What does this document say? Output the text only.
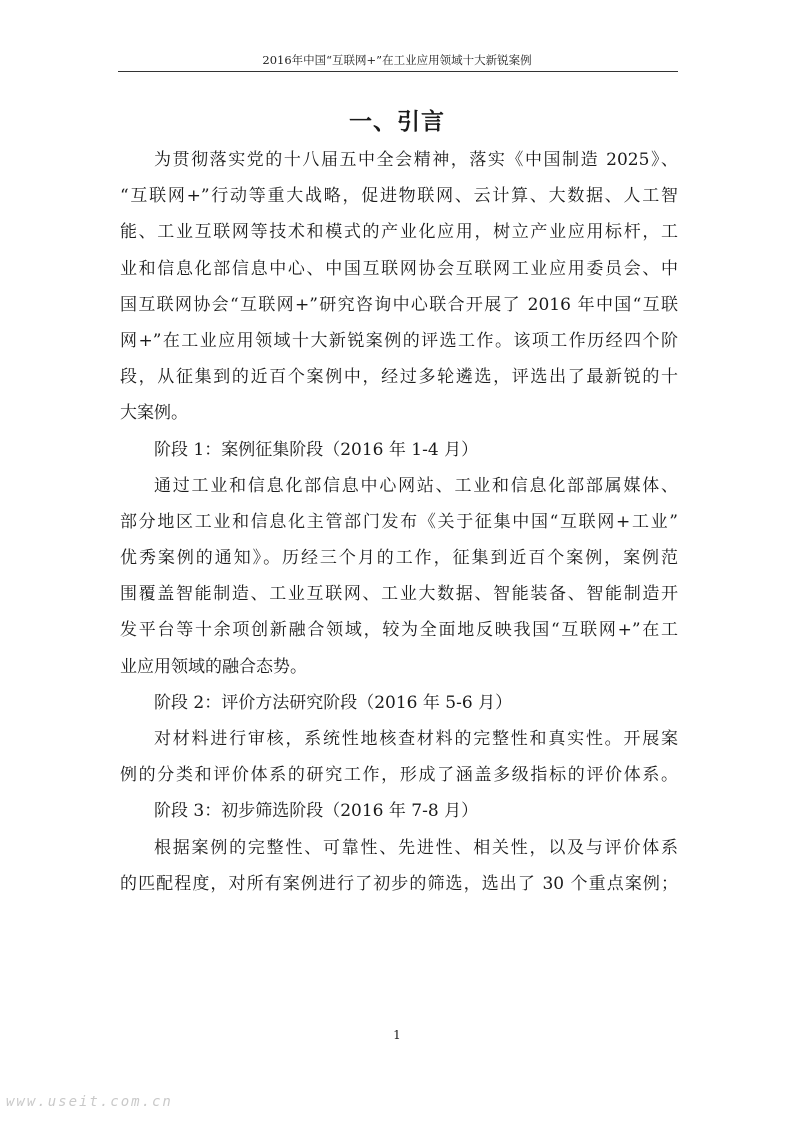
2016年中国“互联网+”在工业应用领域十大新锐案例
一、引言
为贯彻落实党的十八届五中全会精神，落实《中国制造 2025》、
“互联网+”行动等重大战略，促进物联网、云计算、大数据、人工智
能、工业互联网等技术和模式的产业化应用，树立产业应用标杆，工
业和信息化部信息中心、中国互联网协会互联网工业应用委员会、中
国互联网协会“互联网+”研究咨询中心联合开展了 2016 年中国“互联
网+”在工业应用领域十大新锐案例的评选工作。该项工作历经四个阶
段，从征集到的近百个案例中，经过多轮遴选，评选出了最新锐的十
大案例。
阶段 1：案例征集阶段（2016 年 1-4 月）
通过工业和信息化部信息中心网站、工业和信息化部部属媒体、
部分地区工业和信息化主管部门发布《关于征集中国“互联网+工业”
优秀案例的通知》。历经三个月的工作，征集到近百个案例，案例范
围覆盖智能制造、工业互联网、工业大数据、智能装备、智能制造开
发平台等十余项创新融合领域，较为全面地反映我国“互联网+”在工
业应用领域的融合态势。
阶段 2：评价方法研究阶段（2016 年 5-6 月）
对材料进行审核，系统性地核查材料的完整性和真实性。开展案
例的分类和评价体系的研究工作，形成了涵盖多级指标的评价体系。
阶段 3：初步筛选阶段（2016 年 7-8 月）
根据案例的完整性、可靠性、先进性、相关性，以及与评价体系
的匹配程度，对所有案例进行了初步的筛选，选出了 30 个重点案例；
1
www.useit.com.cn
